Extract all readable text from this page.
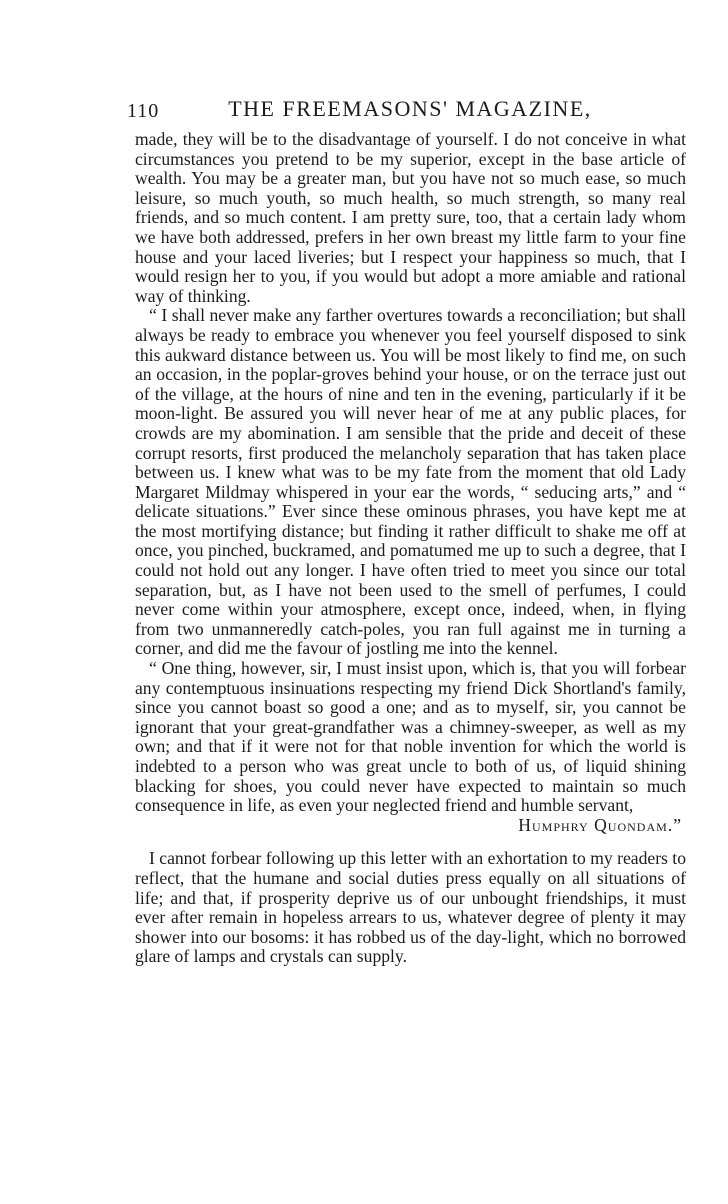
110	THE FREEMASONS' MAGAZINE,

made, they will be to the disadvantage of yourself. I do not conceive in what circumstances you pretend to be my superior, except in the base article of wealth. You may be a greater man, but you have not so much ease, so much leisure, so much youth, so much health, so much strength, so many real friends, and so much content. I am pretty sure, too, that a certain lady whom we have both addressed, prefers in her own breast my little farm to your fine house and your laced liveries; but I respect your happiness so much, that I would resign her to you, if you would but adopt a more amiable and rational way of thinking.

“ I shall never make any farther overtures towards a reconciliation; but shall always be ready to embrace you whenever you feel yourself disposed to sink this aukward distance between us. You will be most likely to find me, on such an occasion, in the poplar-groves behind your house, or on the terrace just out of the village, at the hours of nine and ten in the evening, particularly if it be moon-light. Be assured you will never hear of me at any public places, for crowds are my abomination. I am sensible that the pride and deceit of these corrupt resorts, first produced the melancholy separation that has taken place between us. I knew what was to be my fate from the moment that old Lady Margaret Mildmay whispered in your ear the words, “ seducing arts,” and “ delicate situations.” Ever since these ominous phrases, you have kept me at the most mortifying distance; but finding it rather difficult to shake me off at once, you pinched, buckramed, and pomatumed me up to such a degree, that I could not hold out any longer. I have often tried to meet you since our total separation, but, as I have not been used to the smell of perfumes, I could never come within your atmosphere, except once, indeed, when, in flying from two unmanneredly catch-poles, you ran full against me in turning a corner, and did me the favour of jostling me into the kennel.

“ One thing, however, sir, I must insist upon, which is, that you will forbear any contemptuous insinuations respecting my friend Dick Shortland's family, since you cannot boast so good a one; and as to myself, sir, you cannot be ignorant that your great-grandfather was a chimney-sweeper, as well as my own; and that if it were not for that noble invention for which the world is indebted to a person who was great uncle to both of us, of liquid shining blacking for shoes, you could never have expected to maintain so much consequence in life, as even your neglected friend and humble servant,

Humphry Quondam.”

I cannot forbear following up this letter with an exhortation to my readers to reflect, that the humane and social duties press equally on all situations of life; and that, if prosperity deprive us of our unbought friendships, it must ever after remain in hopeless arrears to us, whatever degree of plenty it may shower into our bosoms: it has robbed us of the day-light, which no borrowed glare of lamps and crystals can supply.
